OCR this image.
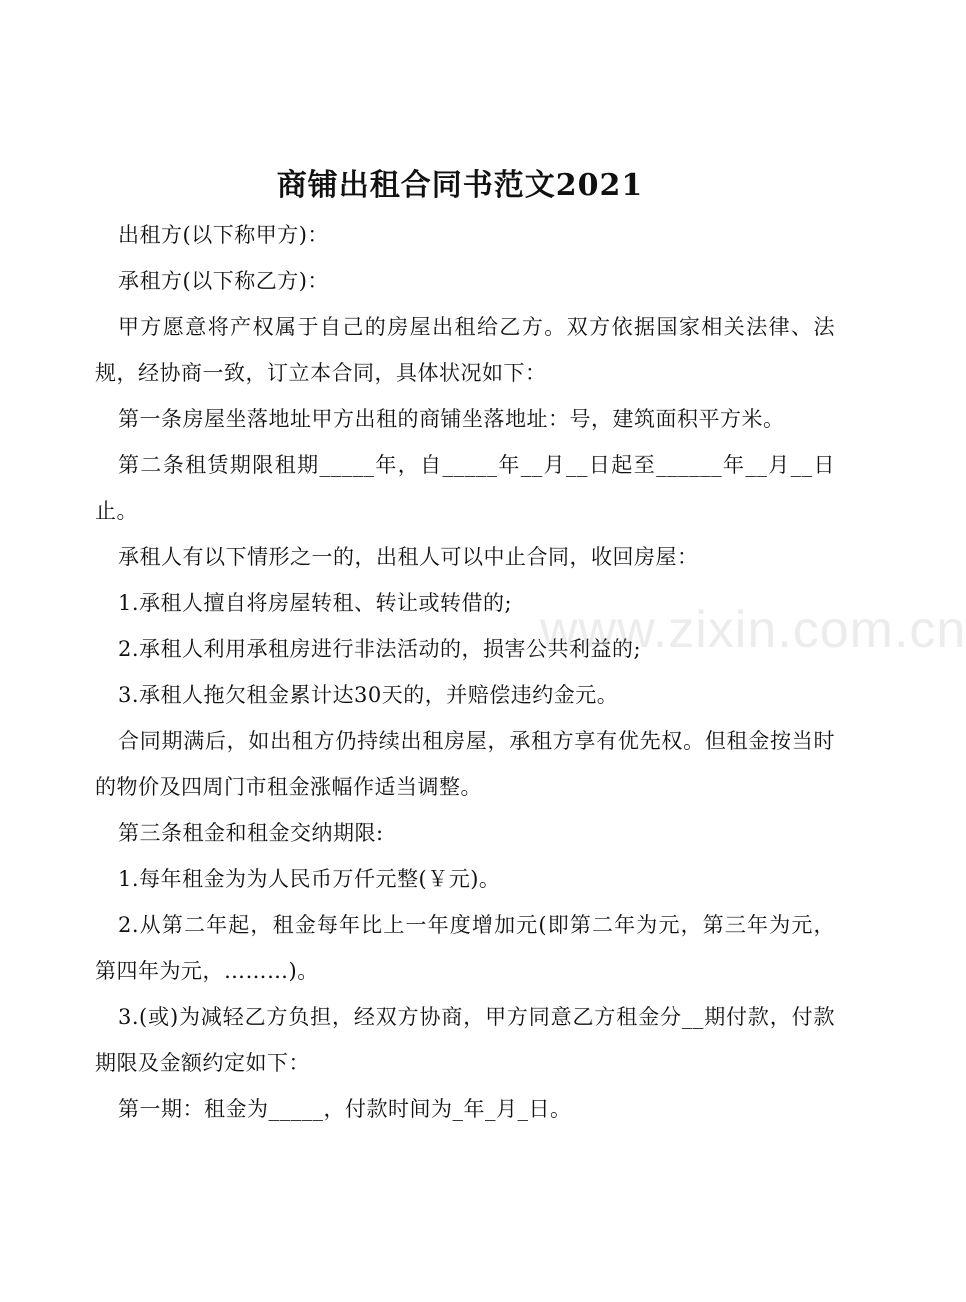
商铺出租合同书范文2021

出租方(以下称甲方)：

承租方(以下称乙方)：

甲方愿意将产权属于自己的房屋出租给乙方。双方依据国家相关法律、法规，经协商一致，订立本合同，具体状况如下：

第一条房屋坐落地址甲方出租的商铺坐落地址：号，建筑面积平方米。

第二条租赁期限租期_____年，自_____年__月__日起至______年__月__日止。

承租人有以下情形之一的，出租人可以中止合同，收回房屋：

1.承租人擅自将房屋转租、转让或转借的;

2.承租人利用承租房进行非法活动的，损害公共利益的;

3.承租人拖欠租金累计达30天的，并赔偿违约金元。

合同期满后，如出租方仍持续出租房屋，承租方享有优先权。但租金按当时的物价及四周门市租金涨幅作适当调整。

第三条租金和租金交纳期限:

1.每年租金为为人民币万仟元整(￥元)。

2.从第二年起，租金每年比上一年度增加元(即第二年为元，第三年为元，第四年为元，………)。

3.(或)为减轻乙方负担，经双方协商，甲方同意乙方租金分__期付款，付款期限及金额约定如下：

第一期：租金为_____，付款时间为_年_月_日。

www.zixin.com.cn
